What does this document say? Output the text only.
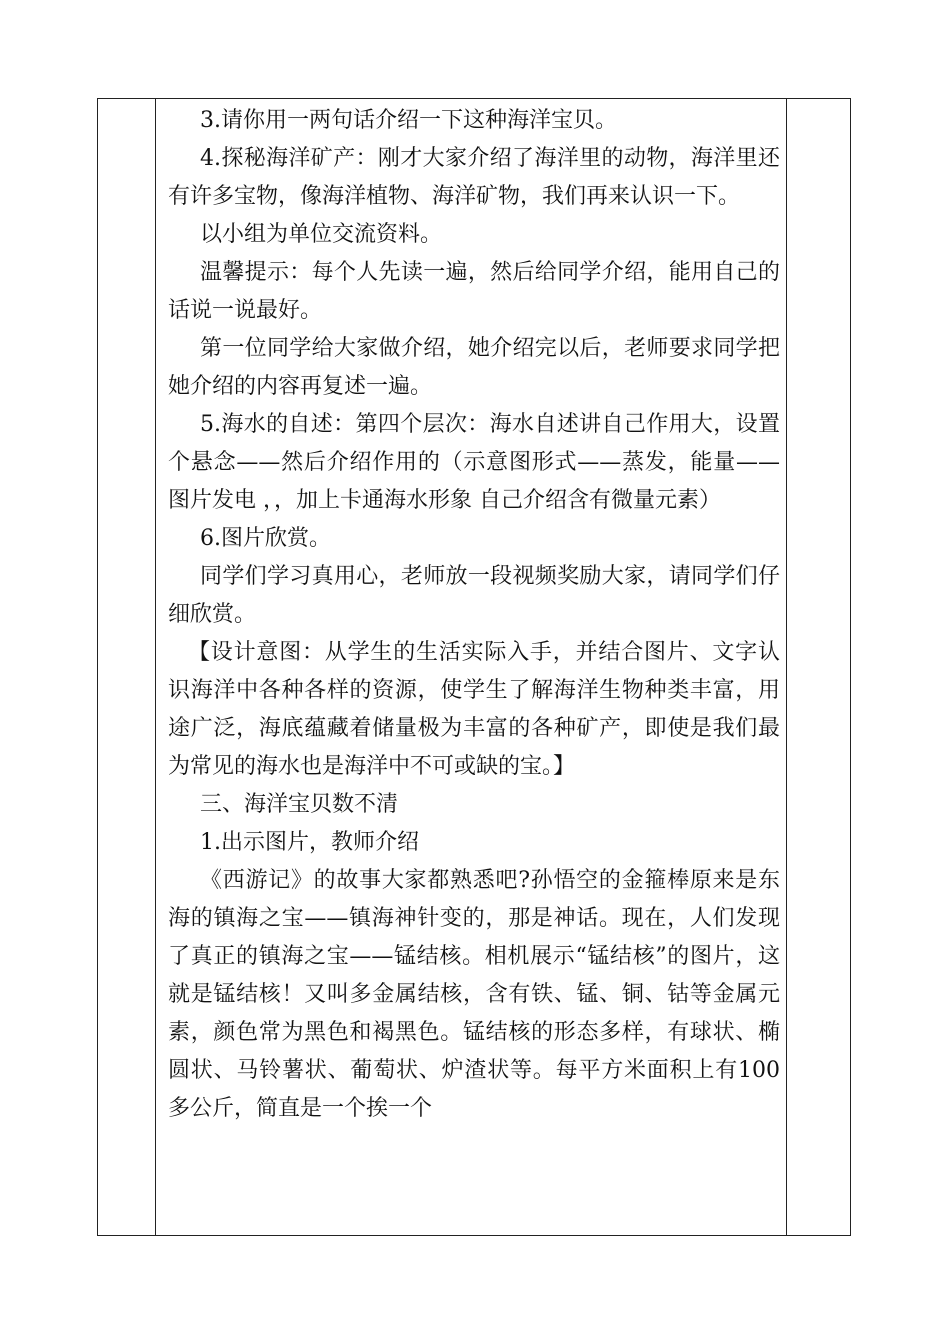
3.请你用一两句话介绍一下这种海洋宝贝。

4.探秘海洋矿产：刚才大家介绍了海洋里的动物，海洋里还有许多宝物，像海洋植物、海洋矿物，我们再来认识一下。

以小组为单位交流资料。

温馨提示：每个人先读一遍，然后给同学介绍，能用自己的话说一说最好。

第一位同学给大家做介绍，她介绍完以后，老师要求同学把她介绍的内容再复述一遍。

5.海水的自述：第四个层次：海水自述讲自己作用大，设置个悬念——然后介绍作用的（示意图形式——蒸发，能量——图片发电 ，，加上卡通海水形象 自己介绍含有微量元素）

6.图片欣赏。

同学们学习真用心，老师放一段视频奖励大家，请同学们仔细欣赏。

【设计意图：从学生的生活实际入手，并结合图片、文字认识海洋中各种各样的资源，使学生了解海洋生物种类丰富，用途广泛，海底蕴藏着储量极为丰富的各种矿产，即使是我们最为常见的海水也是海洋中不可或缺的宝。】

三、海洋宝贝数不清

1.出示图片，教师介绍

《西游记》的故事大家都熟悉吧?孙悟空的金箍棒原来是东海的镇海之宝——镇海神针变的，那是神话。现在，人们发现了真正的镇海之宝——锰结核。相机展示“锰结核”的图片，这就是锰结核！又叫多金属结核，含有铁、锰、铜、钴等金属元素，颜色常为黑色和褐黑色。锰结核的形态多样，有球状、椭圆状、马铃薯状、葡萄状、炉渣状等。每平方米面积上有100多公斤，简直是一个挨一个
